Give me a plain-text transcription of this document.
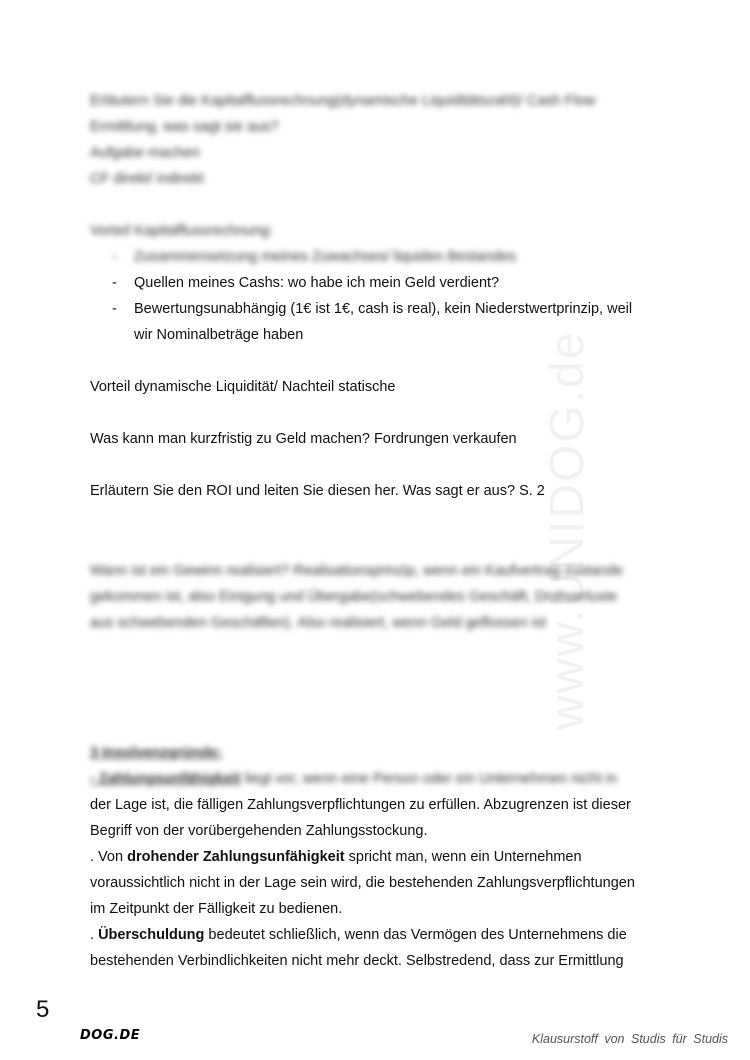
www.UNIDOG.de
Erläutern Sie die Kapitalflussrechnung(dynamische Liquiditätszahl)/ Cash Flow
Ermittlung, was sagt sie aus?
Aufgabe machen
CF direkt/ indirekt
Vorteil Kapitalflussrechnung:
- Zusammensetzung meines Zuwachses/ liquiden Bestandes
- Quellen meines Cashs: wo habe ich mein Geld verdient?
- Bewertungsunabhängig (1€ ist 1€, cash is real), kein Niederstwertprinzip, weil
wir Nominalbeträge haben
Vorteil dynamische Liquidität/ Nachteil statische
Was kann man kurzfristig zu Geld machen? Fordrungen verkaufen
Erläutern Sie den ROI und leiten Sie diesen her. Was sagt er aus? S. 2
Wann ist ein Gewinn realisiert? Realisationsprinzip, wenn ein Kaufvertrag zustande
gekommen ist, also Einigung und Übergabe(schwebendes Geschäft, Drohverluste
aus schwebenden Geschäften). Also realisiert, wenn Geld geflossen ist
3 Insolvenzgründe:
- Zahlungsunfähigkeit liegt vor, wenn eine Person oder ein Unternehmen nicht in
der Lage ist, die fälligen Zahlungsverpflichtungen zu erfüllen. Abzugrenzen ist dieser
Begriff von der vorübergehenden Zahlungsstockung.
. Von drohender Zahlungsunfähigkeit spricht man, wenn ein Unternehmen
voraussichtlich nicht in der Lage sein wird, die bestehenden Zahlungsverpflichtungen
im Zeitpunkt der Fälligkeit zu bedienen.
. Überschuldung bedeutet schließlich, wenn das Vermögen des Unternehmens die
bestehenden Verbindlichkeiten nicht mehr deckt. Selbstredend, dass zur Ermittlung
5
DOG.DE	Klausurstoff von Studis für Studis
